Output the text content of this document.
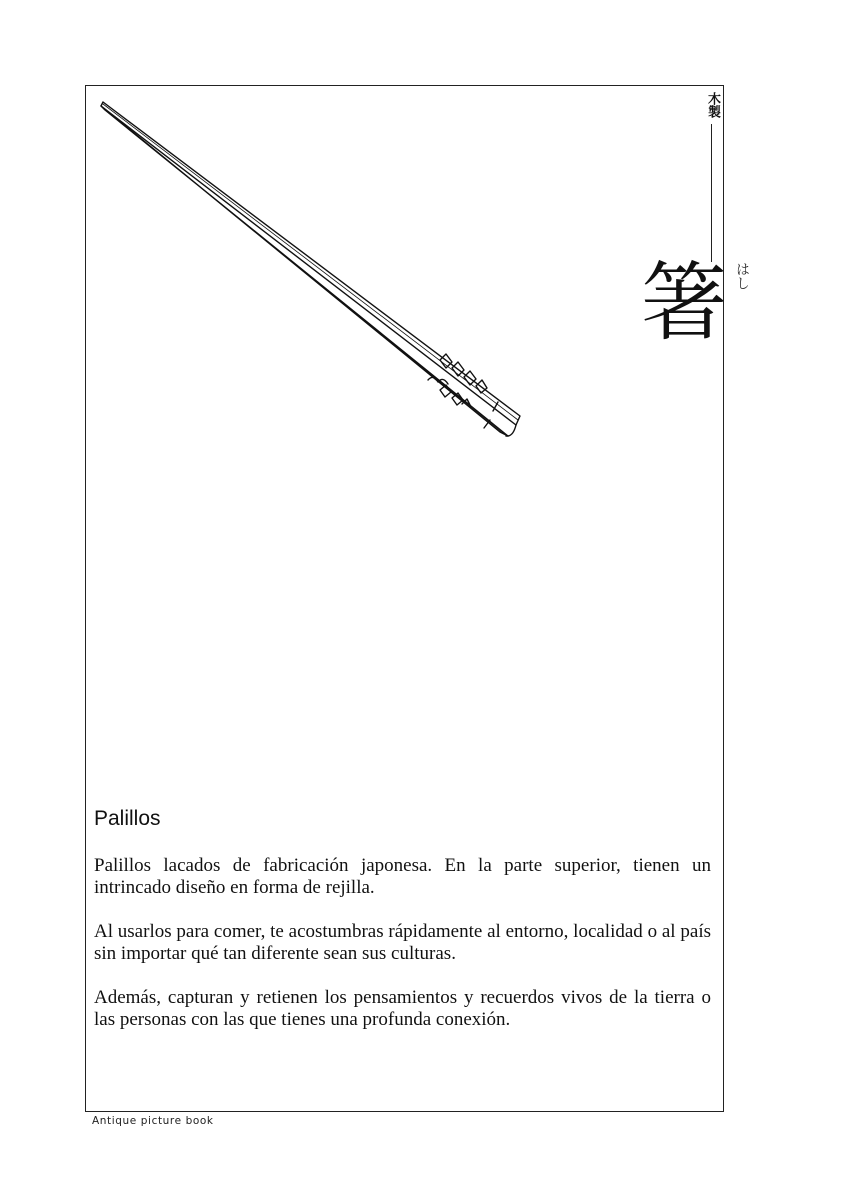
木製
箸 はし
Palillos

Palillos lacados de fabricación japonesa. En la parte superior, tienen un intrincado diseño en forma de rejilla.

Al usarlos para comer, te acostumbras rápidamente al entorno, localidad o al país sin importar qué tan diferente sean sus culturas.

Además, capturan y retienen los pensamientos y recuerdos vivos de la tierra o las personas con las que tienes una profunda conexión.

Antique picture book
